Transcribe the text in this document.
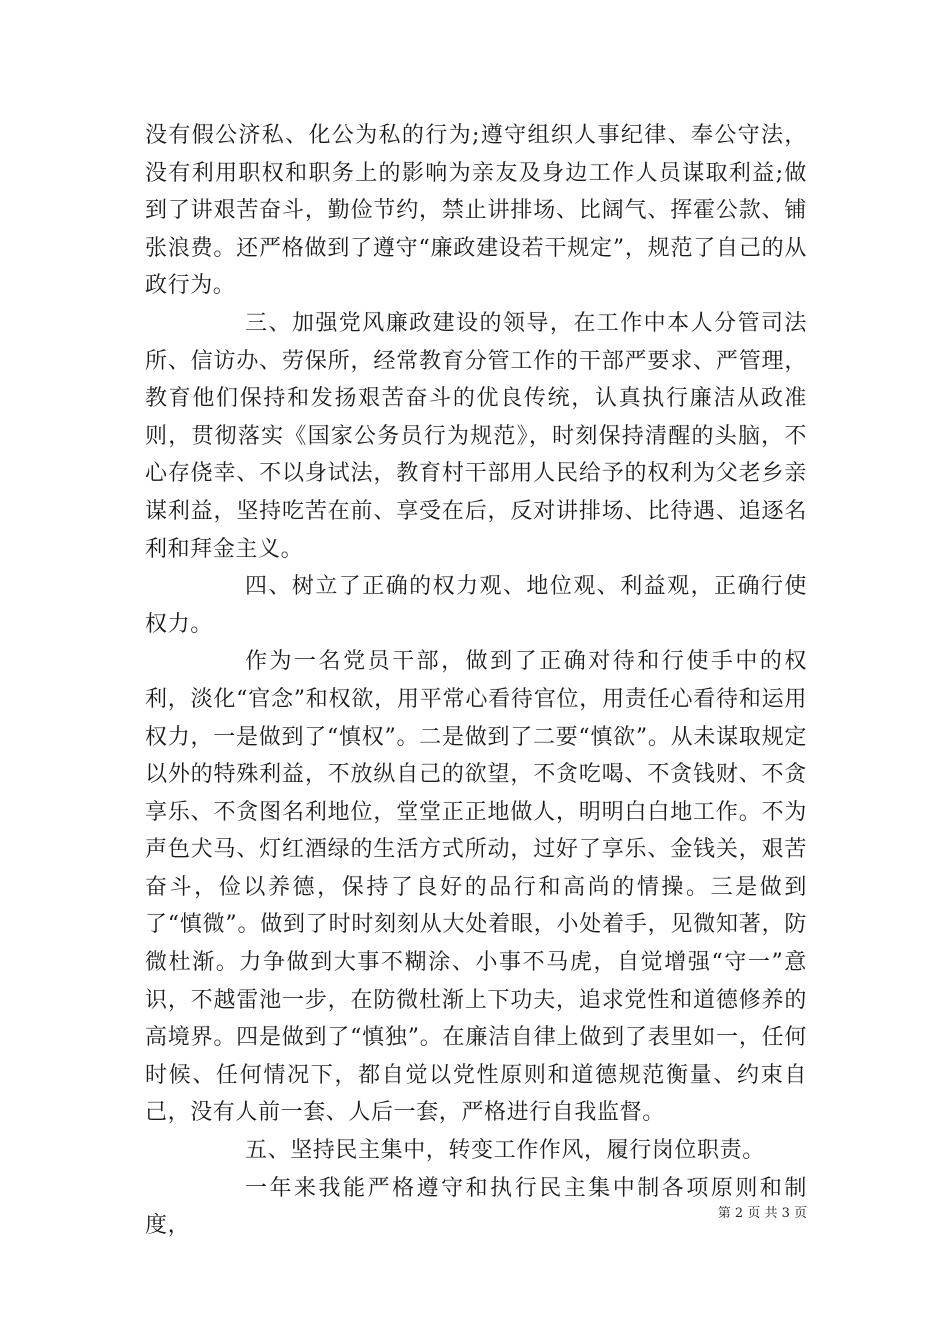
没有假公济私、化公为私的行为;遵守组织人事纪律、奉公守法，没有利用职权和职务上的影响为亲友及身边工作人员谋取利益;做到了讲艰苦奋斗，勤俭节约，禁止讲排场、比阔气、挥霍公款、铺张浪费。还严格做到了遵守“廉政建设若干规定”，规范了自己的从政行为。

三、加强党风廉政建设的领导，在工作中本人分管司法所、信访办、劳保所，经常教育分管工作的干部严要求、严管理，教育他们保持和发扬艰苦奋斗的优良传统，认真执行廉洁从政准则，贯彻落实《国家公务员行为规范》，时刻保持清醒的头脑，不心存侥幸、不以身试法，教育村干部用人民给予的权利为父老乡亲谋利益，坚持吃苦在前、享受在后，反对讲排场、比待遇、追逐名利和拜金主义。

四、树立了正确的权力观、地位观、利益观，正确行使权力。

作为一名党员干部，做到了正确对待和行使手中的权利，淡化“官念”和权欲，用平常心看待官位，用责任心看待和运用权力，一是做到了“慎权”。二是做到了二要“慎欲”。从未谋取规定以外的特殊利益，不放纵自己的欲望，不贪吃喝、不贪钱财、不贪享乐、不贪图名利地位，堂堂正正地做人，明明白白地工作。不为声色犬马、灯红酒绿的生活方式所动，过好了享乐、金钱关，艰苦奋斗，俭以养德，保持了良好的品行和高尚的情操。三是做到了“慎微”。做到了时时刻刻从大处着眼，小处着手，见微知著，防微杜渐。力争做到大事不糊涂、小事不马虎，自觉增强“守一”意识，不越雷池一步，在防微杜渐上下功夫，追求党性和道德修养的高境界。四是做到了“慎独”。在廉洁自律上做到了表里如一，任何时候、任何情况下，都自觉以党性原则和道德规范衡量、约束自己，没有人前一套、人后一套，严格进行自我监督。

五、坚持民主集中，转变工作作风，履行岗位职责。

一年来我能严格遵守和执行民主集中制各项原则和制度，	第 2 页 共 3 页
